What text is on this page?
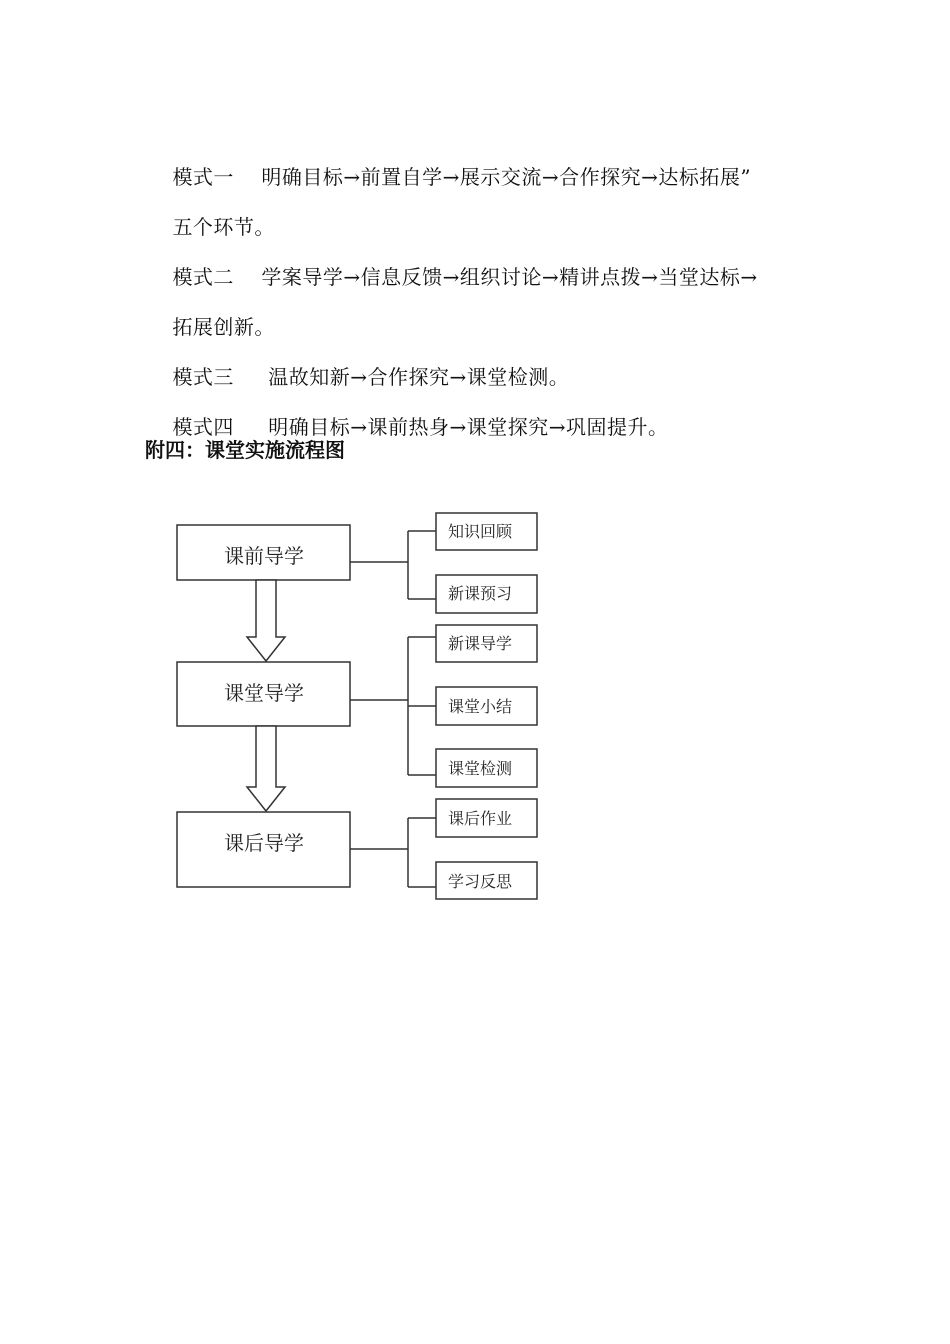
模式一 明确目标→前置自学→展示交流→合作探究→达标拓展”

五个环节。

模式二 学案导学→信息反馈→组织讨论→精讲点拨→当堂达标→

拓展创新。

模式三     温故知新→合作探究→课堂检测。

模式四     明确目标→课前热身→课堂探究→巩固提升。

附四：课堂实施流程图
课前导学
课堂导学
课后导学
知识回顾
新课预习
新课导学
课堂小结
课堂检测
课后作业
学习反思
